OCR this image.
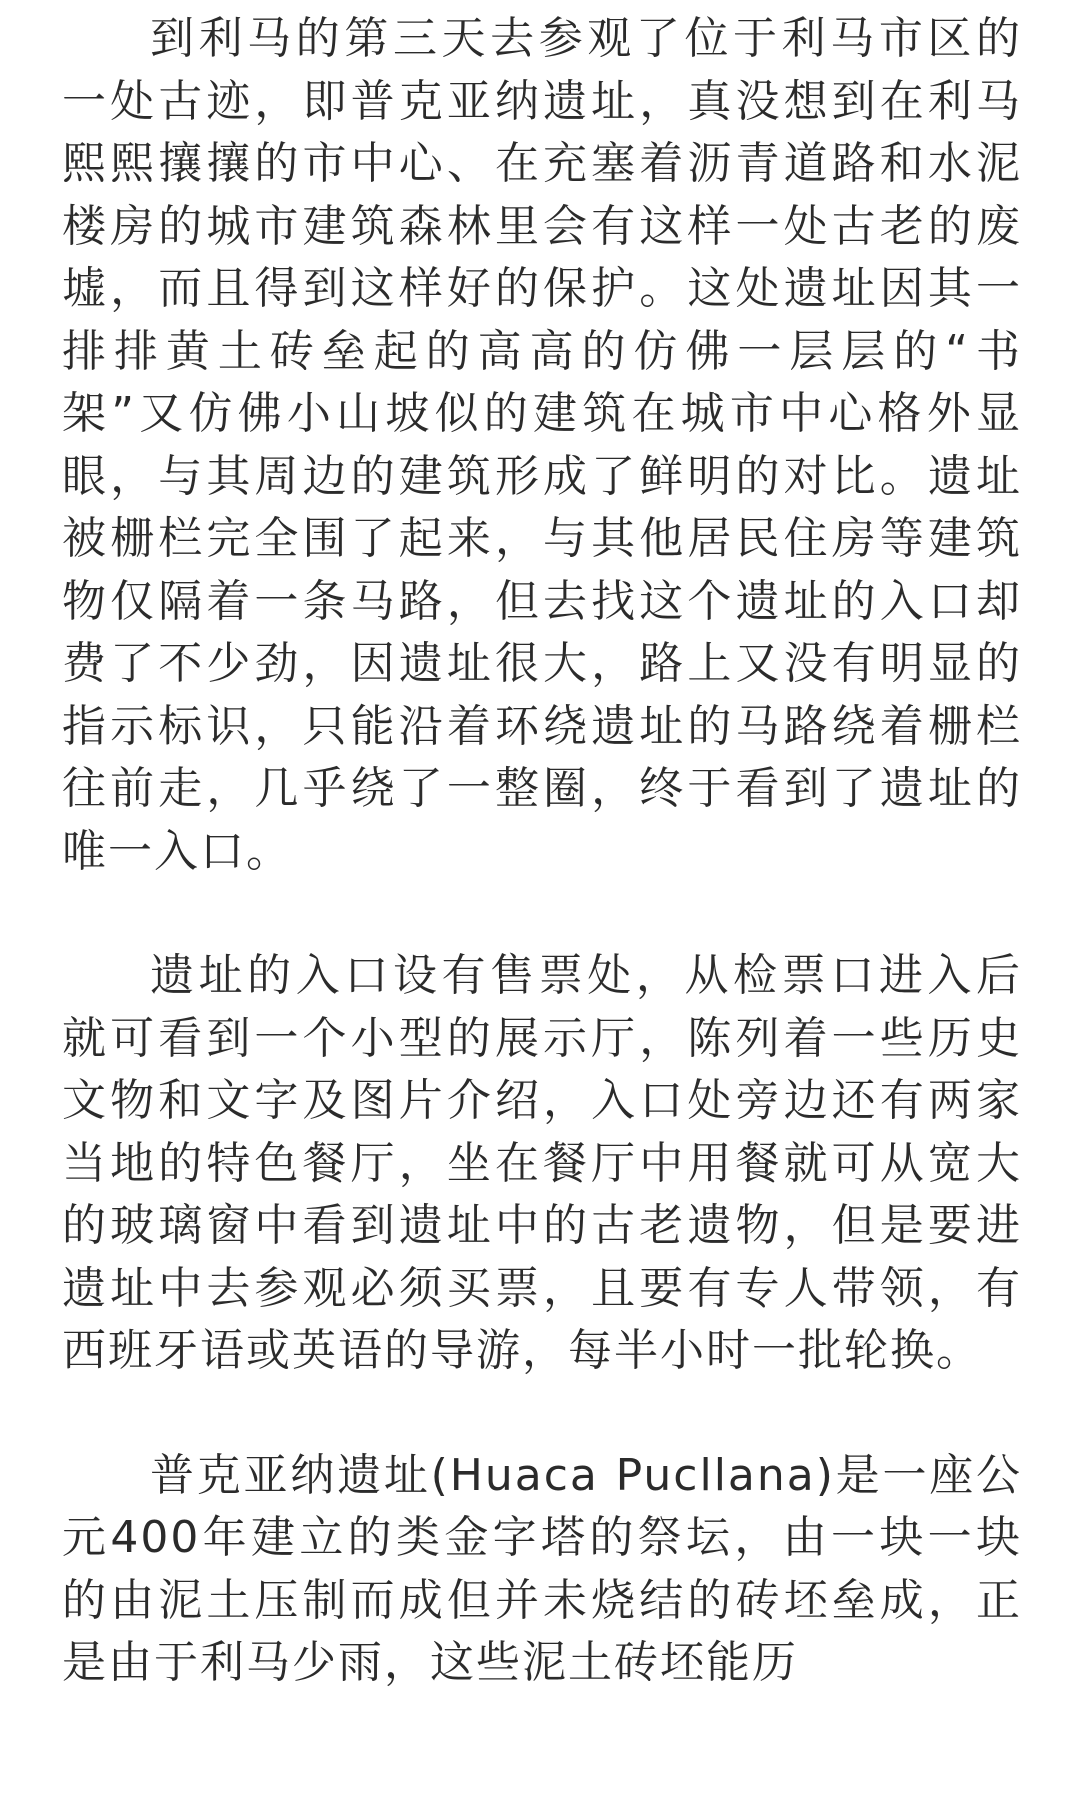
到利马的第三天去参观了位于利马市区的一处古迹，即普克亚纳遗址，真没想到在利马熙熙攘攘的市中心、在充塞着沥青道路和水泥楼房的城市建筑森林里会有这样一处古老的废墟，而且得到这样好的保护。这处遗址因其一排排黄土砖垒起的高高的仿佛一层层的“书架”又仿佛小山坡似的建筑在城市中心格外显眼，与其周边的建筑形成了鲜明的对比。遗址被栅栏完全围了起来，与其他居民住房等建筑物仅隔着一条马路，但去找这个遗址的入口却费了不少劲，因遗址很大，路上又没有明显的指示标识，只能沿着环绕遗址的马路绕着栅栏往前走，几乎绕了一整圈，终于看到了遗址的唯一入口。

遗址的入口设有售票处，从检票口进入后就可看到一个小型的展示厅，陈列着一些历史文物和文字及图片介绍，入口处旁边还有两家当地的特色餐厅，坐在餐厅中用餐就可从宽大的玻璃窗中看到遗址中的古老遗物，但是要进遗址中去参观必须买票，且要有专人带领，有西班牙语或英语的导游，每半小时一批轮换。

普克亚纳遗址(Huaca Pucllana)是一座公元400年建立的类金字塔的祭坛，由一块一块的由泥土压制而成但并未烧结的砖坯垒成，正是由于利马少雨，这些泥土砖坯能历
